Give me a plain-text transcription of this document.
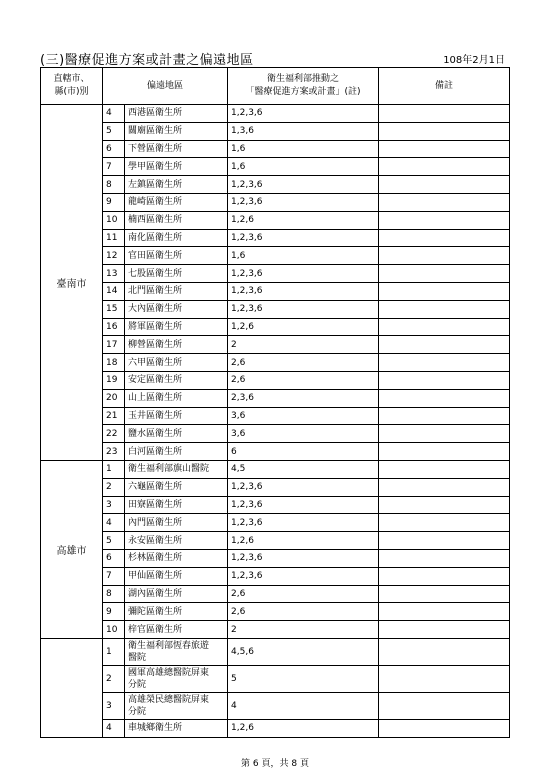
(三)醫療促進方案或計畫之偏遠地區	108年2月1日
直轄市、
縣(市)別	偏遠地區		衛生福利部推動之
「醫療促進方案或計畫」(註)	備註
臺南市	4	西港區衛生所	1,2,3,6	
	5	關廟區衛生所	1,3,6	
	6	下營區衛生所	1,6	
	7	學甲區衛生所	1,6	
	8	左鎮區衛生所	1,2,3,6	
	9	龍崎區衛生所	1,2,3,6	
	10	楠西區衛生所	1,2,6	
	11	南化區衛生所	1,2,3,6	
	12	官田區衛生所	1,6	
	13	七股區衛生所	1,2,3,6	
	14	北門區衛生所	1,2,3,6	
	15	大內區衛生所	1,2,3,6	
	16	將軍區衛生所	1,2,6	
	17	柳營區衛生所	2	
	18	六甲區衛生所	2,6	
	19	安定區衛生所	2,6	
	20	山上區衛生所	2,3,6	
	21	玉井區衛生所	3,6	
	22	鹽水區衛生所	3,6	
	23	白河區衛生所	6	
高雄市	1	衛生福利部旗山醫院	4,5	
	2	六龜區衛生所	1,2,3,6	
	3	田寮區衛生所	1,2,3,6	
	4	內門區衛生所	1,2,3,6	
	5	永安區衛生所	1,2,6	
	6	杉林區衛生所	1,2,3,6	
	7	甲仙區衛生所	1,2,3,6	
	8	湖內區衛生所	2,6	
	9	彌陀區衛生所	2,6	
	10	梓官區衛生所	2	
	1	衛生福利部恆春旅遊
醫院	4,5,6	
	2	國軍高雄總醫院屏東
分院	5	
	3	高雄榮民總醫院屏東
分院	4	
	4	車城鄉衛生所	1,2,6	
第 6 頁，共 8 頁
